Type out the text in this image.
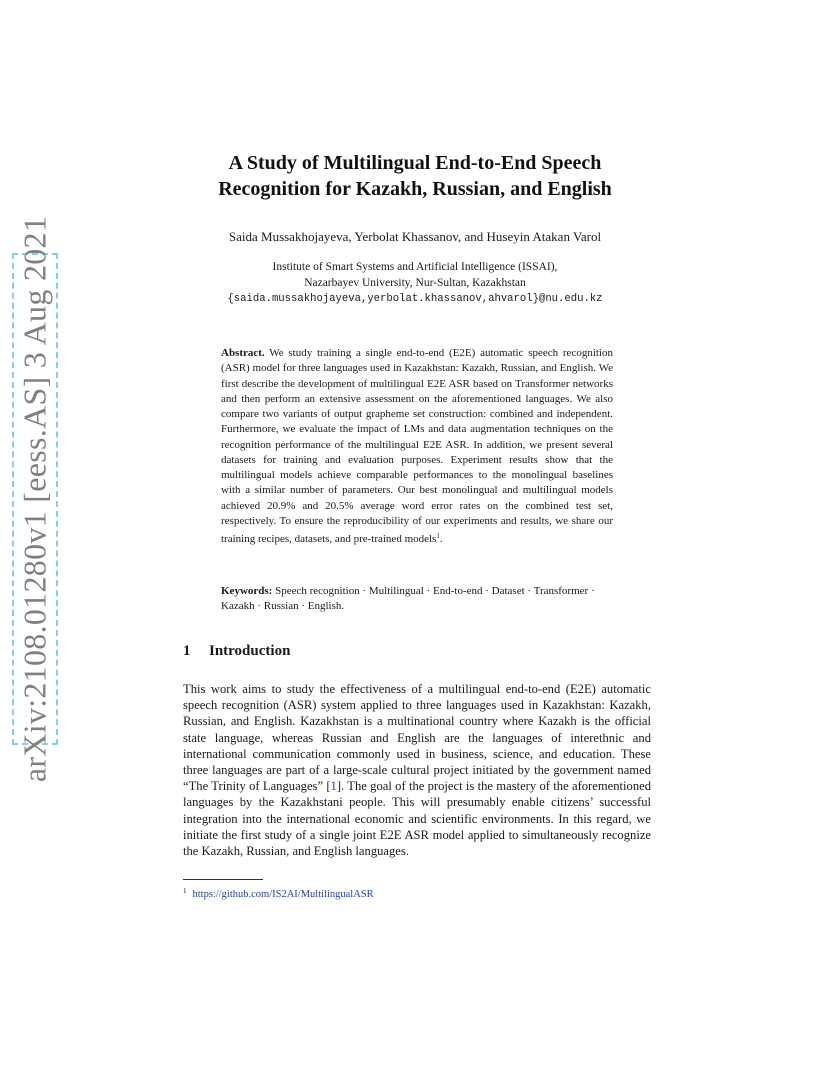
arXiv:2108.01280v1 [eess.AS] 3 Aug 2021
A Study of Multilingual End-to-End Speech
Recognition for Kazakh, Russian, and English
Saida Mussakhojayeva, Yerbolat Khassanov, and Huseyin Atakan Varol
Institute of Smart Systems and Artificial Intelligence (ISSAI),
Nazarbayev University, Nur-Sultan, Kazakhstan
{saida.mussakhojayeva,yerbolat.khassanov,ahvarol}@nu.edu.kz
Abstract. We study training a single end-to-end (E2E) automatic speech recognition (ASR) model for three languages used in Kazakhstan: Kazakh, Russian, and English. We first describe the development of multilingual E2E ASR based on Transformer networks and then perform an extensive assessment on the aforementioned languages. We also compare two variants of output grapheme set construction: combined and independent. Furthermore, we evaluate the impact of LMs and data augmentation techniques on the recognition performance of the multilingual E2E ASR. In addition, we present several datasets for training and evaluation purposes. Experiment results show that the multilingual models achieve comparable performances to the monolingual baselines with a similar number of parameters. Our best monolingual and multilingual models achieved 20.9% and 20.5% average word error rates on the combined test set, respectively. To ensure the reproducibility of our experiments and results, we share our training recipes, datasets, and pre-trained models$^1$.
Keywords: Speech recognition · Multilingual · End-to-end · Dataset · Transformer · Kazakh · Russian · English.
1 Introduction
This work aims to study the effectiveness of a multilingual end-to-end (E2E) automatic speech recognition (ASR) system applied to three languages used in Kazakhstan: Kazakh, Russian, and English. Kazakhstan is a multinational country where Kazakh is the official state language, whereas Russian and English are the languages of interethnic and international communication commonly used in business, science, and education. These three languages are part of a large-scale cultural project initiated by the government named “The Trinity of Languages” [1]. The goal of the project is the mastery of the aforementioned languages by the Kazakhstani people. This will presumably enable citizens’ successful integration into the international economic and scientific environments. In this regard, we initiate the first study of a single joint E2E ASR model applied to simultaneously recognize the Kazakh, Russian, and English languages.
$^1$ https://github.com/IS2AI/MultilingualASR
